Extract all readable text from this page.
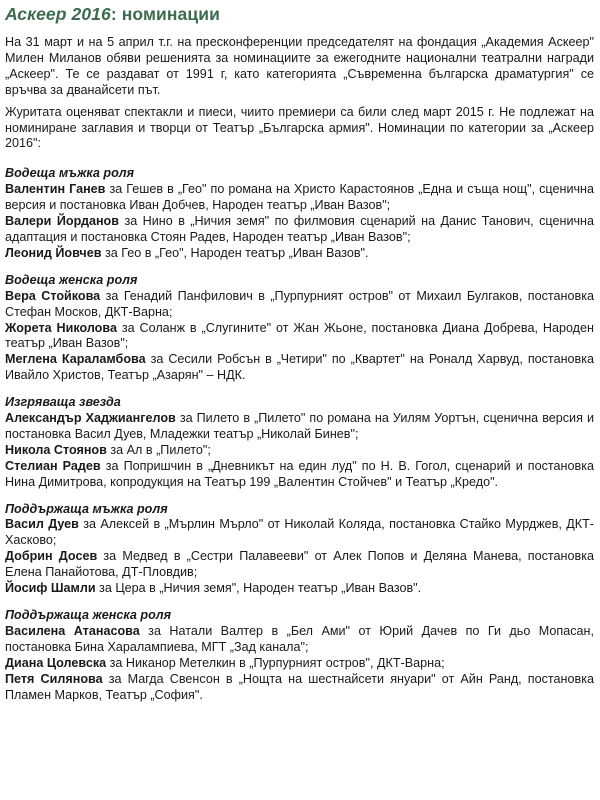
Аскеер 2016: номинации

На 31 март и на 5 април т.г. на пресконференции председателят на фондация „Академия Аскеер" Милен Миланов обяви решенията за номинациите за ежегодните национални театрални награди „Аскеер". Те се раздават от 1991 г, като категорията „Съвременна българска драматургия" се връчва за дванайсети път.

Журитата оценяват спектакли и пиеси, чиито премиери са били след март 2015 г. Не подлежат на номиниране заглавия и творци от Театър „Българска армия". Номинации по категории за „Аскеер 2016":

Водеща мъжка роля

Валентин Ганев за Гешев в „Гео" по романа на Христо Карастоянов „Една и съща нощ", сценична версия и постановка Иван Добчев, Народен театър „Иван Вазов";

Валери Йорданов за Нино в „Ничия земя" по филмовия сценарий на Данис Танович, сценична адаптация и постановка Стоян Радев, Народен театър „Иван Вазов";

Леонид Йовчев за Гео в „Гео", Народен театър „Иван Вазов".

Водеща женска роля

Вера Стойкова за Генадий Панфилович в „Пурпурният остров" от Михаил Булгаков, постановка Стефан Москов, ДКТ-Варна;

Жорета Николова за Соланж в „Слугините" от Жан Жьоне, постановка Диана Добрева, Народен театър „Иван Вазов";

Меглена Караламбова за Сесили Робсън в „Четири" по „Квартет" на Роналд Харвуд, постановка Ивайло Христов, Театър „Азарян" – НДК.

Изгряваща звезда

Александър Хаджиангелов за Пилето в „Пилето" по романа на Уилям Уортън, сценична версия и постановка Васил Дуев, Младежки театър „Николай Бинев";

Никола Стоянов за Ал в „Пилето";

Стелиан Радев за Попришчин в „Дневникът на един луд" по Н. В. Гогол, сценарий и постановка Нина Димитрова, копродукция на Театър 199 „Валентин Стойчев" и Театър „Кредо".

Поддържаща мъжка роля

Васил Дуев за Алексей в „Мърлин Мърло" от Николай Коляда, постановка Стайко Мурджев, ДКТ-Хасково;

Добрин Досев за Медвед в „Сестри Палавееви" от Алек Попов и Деляна Манева, постановка Елена Панайотова, ДТ-Пловдив;

Йосиф Шамли за Цера в „Ничия земя", Народен театър „Иван Вазов".

Поддържаща женска роля

Василена Атанасова за Натали Валтер в „Бел Ами" от Юрий Дачев по Ги дьо Мопасан, постановка Бина Харалампиева, МГТ „Зад канала";

Диана Цолевска за Никанор Метелкин в „Пурпурният остров", ДКТ-Варна;

Петя Силянова за Магда Свенсон в „Нощта на шестнайсети януари" от Айн Ранд, постановка Пламен Марков, Театър „София".
